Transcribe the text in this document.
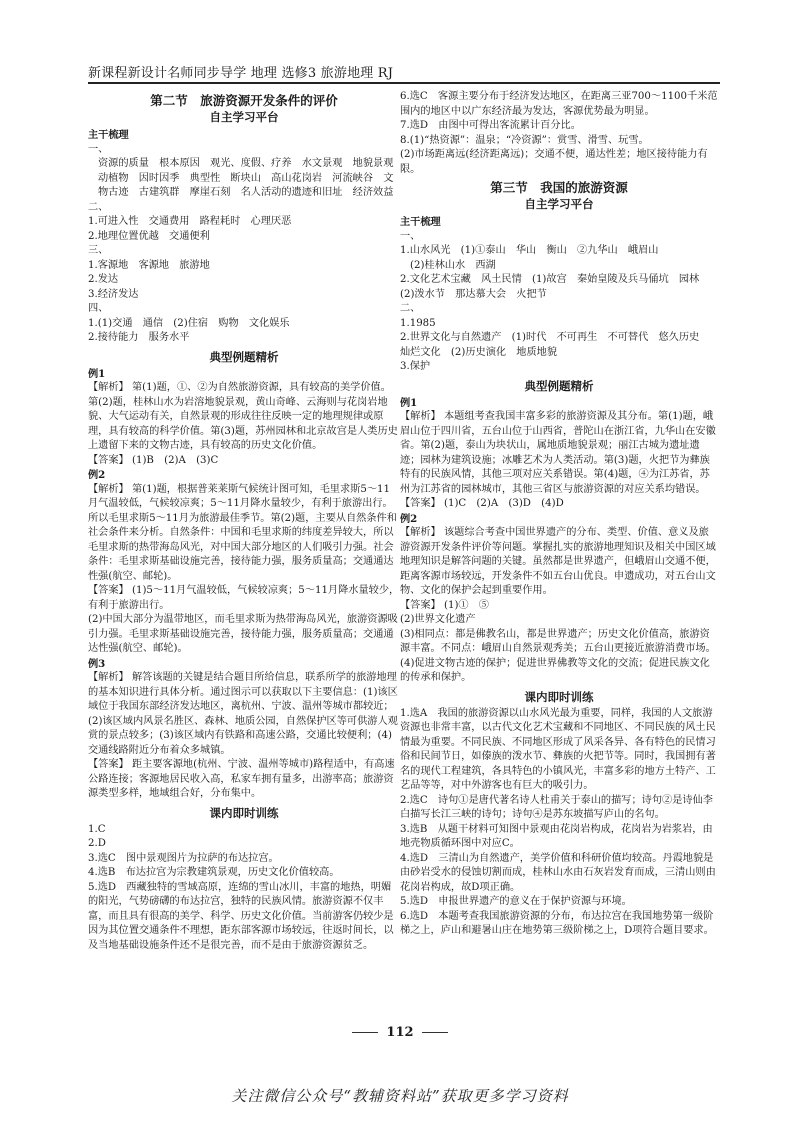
新课程新设计名师同步导学 地理 选修3 旅游地理 RJ
第二节　旅游资源开发条件的评价
自主学习平台
主干梳理
一、
资源的质量　根本原因　观光、度假、疗养　水文景观　地貌景观　动植物　因时因季　典型性　断块山　高山花岗岩　河流峡谷　文物古迹　古建筑群　摩崖石刻　名人活动的遗迹和旧址　经济效益
二、
1.可进入性　交通费用　路程耗时　心理厌恶
2.地理位置优越　交通便利
三、
1.客源地　客源地　旅游地
2.发达
3.经济发达
四、
1.(1)交通　通信　(2)住宿　购物　文化娱乐
2.接待能力　服务水平
典型例题精析
例1
【解析】 第(1)题，①、②为自然旅游资源，具有较高的美学价值。第(2)题，桂林山水为岩溶地貌景观，黄山奇峰、云海则与花岗岩地貌、大气运动有关，自然景观的形成往往反映一定的地理规律或原理，具有较高的科学价值。第(3)题，苏州园林和北京故宫是人类历史上遗留下来的文物古迹，具有较高的历史文化价值。
【答案】 (1)B　(2)A　(3)C
例2
【解析】 第(1)题，根据普莱莱斯气候统计图可知，毛里求斯5～11月气温较低，气候较凉爽；5～11月降水量较少，有利于旅游出行。所以毛里求斯5～11月为旅游最佳季节。第(2)题，主要从自然条件和社会条件来分析。自然条件：中国和毛里求斯的纬度差异较大，所以毛里求斯的热带海岛风光，对中国大部分地区的人们吸引力强。社会条件：毛里求斯基础设施完善，接待能力强，服务质量高；交通通达性强(航空、邮轮)。
【答案】 (1)5～11月气温较低，气候较凉爽；5～11月降水量较少，有利于旅游出行。
(2)中国大部分为温带地区，而毛里求斯为热带海岛风光，旅游资源吸引力强。毛里求斯基础设施完善，接待能力强，服务质量高；交通通达性强(航空、邮轮)。
例3
【解析】 解答该题的关键是结合题目所给信息，联系所学的旅游地理的基本知识进行具体分析。通过图示可以获取以下主要信息：(1)该区域位于我国东部经济发达地区，离杭州、宁波、温州等城市都较近；(2)该区域内风景名胜区、森林、地质公园，自然保护区等可供游人观赏的景点较多；(3)该区域内有铁路和高速公路，交通比较便利；(4)交通线路附近分布着众多城镇。
【答案】 距主要客源地(杭州、宁波、温州等城市)路程适中，有高速公路连接；客源地居民收入高，私家车拥有量多，出游率高；旅游资源类型多样，地域组合好，分布集中。
课内即时训练
1.C
2.D
3.选C　图中景观图片为拉萨的布达拉宫。
4.选B　布达拉宫为宗教建筑景观，历史文化价值较高。
5.选D　西藏独特的雪域高原，连绵的雪山冰川，丰富的地热，明媚的阳光，气势磅礴的布达拉宫，独特的民族风情。旅游资源不仅丰富，而且具有很高的美学、科学、历史文化价值。当前游客仍较少是因为其位置交通条件不理想，距东部客源市场较远，往返时间长，以及当地基础设施条件还不是很完善，而不是由于旅游资源贫乏。
6.选C　客源主要分布于经济发达地区，在距离三亚700～1100千米范围内的地区中以广东经济最为发达，客源优势最为明显。
7.选D　由图中可得出客流累计百分比。
8.(1)“热资源”：温泉；“冷资源”：赏雪、滑雪、玩雪。
(2)市场距离远(经济距离远)；交通不便，通达性差；地区接待能力有限。
第三节　我国的旅游资源
自主学习平台
主干梳理
一、
1.山水风光　(1)①泰山　华山　衡山　②九华山　峨眉山
(2)桂林山水　西湖
2.文化艺术宝藏　风土民情　(1)故宫　秦始皇陵及兵马俑坑　园林　(2)泼水节　那达慕大会　火把节
二、
1.1985
2.世界文化与自然遗产　(1)时代　不可再生　不可替代　悠久历史　灿烂文化　(2)历史演化　地质地貌
3.保护
典型例题精析
例1
【解析】 本题组考查我国丰富多彩的旅游资源及其分布。第(1)题，峨眉山位于四川省，五台山位于山西省，普陀山在浙江省，九华山在安徽省。第(2)题，泰山为块状山，属地质地貌景观；丽江古城为遗址遗迹；园林为建筑设施；冰雕艺术为人类活动。第(3)题，火把节为彝族特有的民族风情，其他三项对应关系错误。第(4)题，④为江苏省，苏州为江苏省的园林城市，其他三省区与旅游资源的对应关系均错误。
【答案】 (1)C　(2)A　(3)D　(4)D
例2
【解析】 该题综合考查中国世界遗产的分布、类型、价值、意义及旅游资源开发条件评价等问题。掌握扎实的旅游地理知识及相关中国区域地理知识是解答问题的关键。虽然都是世界遗产，但峨眉山交通不便，距离客源市场较远，开发条件不如五台山优良。申遗成功，对五台山文物、文化的保护会起到重要作用。
【答案】 (1)①　⑤
(2)世界文化遗产
(3)相同点：都是佛教名山，都是世界遗产；历史文化价值高，旅游资源丰富。不同点：峨眉山自然景观秀美；五台山更接近旅游消费市场。
(4)促进文物古迹的保护；促进世界佛教等文化的交流；促进民族文化的传承和保护。
课内即时训练
1.选A　我国的旅游资源以山水风光最为重要，同样，我国的人文旅游资源也非常丰富，以古代文化艺术宝藏和不同地区、不同民族的风土民情最为重要。不同民族、不同地区形成了风采各异、各有特色的民情习俗和民间节日，如傣族的泼水节、彝族的火把节等。同时，我国拥有著名的现代工程建筑，各具特色的小镇风光，丰富多彩的地方土特产、工艺品等等，对中外游客也有巨大的吸引力。
2.选C　诗句①是唐代著名诗人杜甫关于泰山的描写；诗句②是诗仙李白描写长江三峡的诗句；诗句④是苏东坡描写庐山的名句。
3.选B　从题干材料可知图中景观由花岗岩构成，花岗岩为岩浆岩，由地壳物质循环图中对应C。
4.选D　三清山为自然遗产，美学价值和科研价值均较高。丹霞地貌是由砂岩受水的侵蚀切割而成，桂林山水由石灰岩发育而成，三清山则由花岗岩构成，故D项正确。
5.选D　申报世界遗产的意义在于保护资源与环境。
6.选D　本题考查我国旅游资源的分布，布达拉宫在我国地势第一级阶梯之上，庐山和避暑山庄在地势第三级阶梯之上，D项符合题目要求。
112
关注微信公众号“教辅资料站”获取更多学习资料
